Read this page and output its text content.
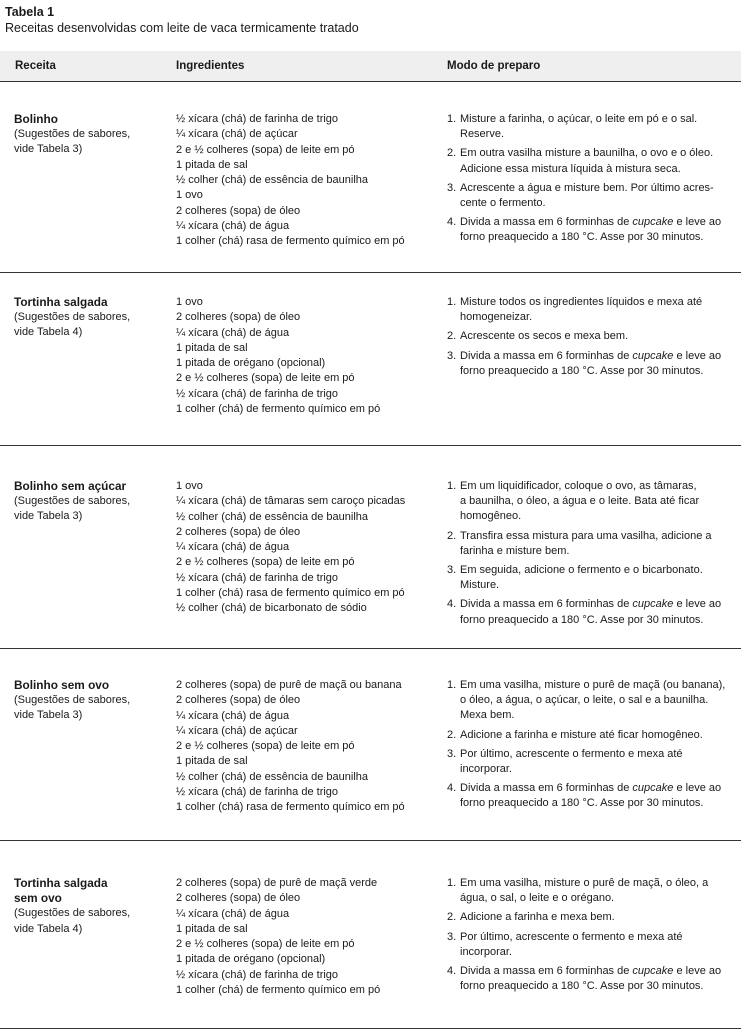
Tabela 1
Receitas desenvolvidas com leite de vaca termicamente tratado
Receita	Ingredientes	Modo de preparo
Bolinho
(Sugestões de sabores,
vide Tabela 3)
½ xícara (chá) de farinha de trigo
¼ xícara (chá) de açúcar
2 e ½ colheres (sopa) de leite em pó
1 pitada de sal
½ colher (chá) de essência de baunilha
1 ovo
2 colheres (sopa) de óleo
¼ xícara (chá) de água
1 colher (chá) rasa de fermento químico em pó
1. Misture a farinha, o açúcar, o leite em pó e o sal.
Reserve.
2. Em outra vasilha misture a baunilha, o ovo e o óleo.
Adicione essa mistura líquida à mistura seca.
3. Acrescente a água e misture bem. Por último acres-
cente o fermento.
4. Divida a massa em 6 forminhas de cupcake e leve ao
forno preaquecido a 180 °C. Asse por 30 minutos.
Tortinha salgada
(Sugestões de sabores,
vide Tabela 4)
1 ovo
2 colheres (sopa) de óleo
¼ xícara (chá) de água
1 pitada de sal
1 pitada de orégano (opcional)
2 e ½ colheres (sopa) de leite em pó
½ xícara (chá) de farinha de trigo
1 colher (chá) de fermento químico em pó
1. Misture todos os ingredientes líquidos e mexa até
homogeneizar.
2. Acrescente os secos e mexa bem.
3. Divida a massa em 6 forminhas de cupcake e leve ao
forno preaquecido a 180 °C. Asse por 30 minutos.
Bolinho sem açúcar
(Sugestões de sabores,
vide Tabela 3)
1 ovo
¼ xícara (chá) de tâmaras sem caroço picadas
½ colher (chá) de essência de baunilha
2 colheres (sopa) de óleo
¼ xícara (chá) de água
2 e ½ colheres (sopa) de leite em pó
½ xícara (chá) de farinha de trigo
1 colher (chá) rasa de fermento químico em pó
½ colher (chá) de bicarbonato de sódio
1. Em um liquidificador, coloque o ovo, as tâmaras,
a baunilha, o óleo, a água e o leite. Bata até ficar
homogêneo.
2. Transfira essa mistura para uma vasilha, adicione a
farinha e misture bem.
3. Em seguida, adicione o fermento e o bicarbonato.
Misture.
4. Divida a massa em 6 forminhas de cupcake e leve ao
forno preaquecido a 180 °C. Asse por 30 minutos.
Bolinho sem ovo
(Sugestões de sabores,
vide Tabela 3)
2 colheres (sopa) de purê de maçã ou banana
2 colheres (sopa) de óleo
¼ xícara (chá) de água
¼ xícara (chá) de açúcar
2 e ½ colheres (sopa) de leite em pó
1 pitada de sal
½ colher (chá) de essência de baunilha
½ xícara (chá) de farinha de trigo
1 colher (chá) rasa de fermento químico em pó
1. Em uma vasilha, misture o purê de maçã (ou banana),
o óleo, a água, o açúcar, o leite, o sal e a baunilha.
Mexa bem.
2. Adicione a farinha e misture até ficar homogêneo.
3. Por último, acrescente o fermento e mexa até
incorporar.
4. Divida a massa em 6 forminhas de cupcake e leve ao
forno preaquecido a 180 °C. Asse por 30 minutos.
Tortinha salgada
sem ovo
(Sugestões de sabores,
vide Tabela 4)
2 colheres (sopa) de purê de maçã verde
2 colheres (sopa) de óleo
¼ xícara (chá) de água
1 pitada de sal
2 e ½ colheres (sopa) de leite em pó
1 pitada de orégano (opcional)
½ xícara (chá) de farinha de trigo
1 colher (chá) de fermento químico em pó
1. Em uma vasilha, misture o purê de maçã, o óleo, a
água, o sal, o leite e o orégano.
2. Adicione a farinha e mexa bem.
3. Por último, acrescente o fermento e mexa até
incorporar.
4. Divida a massa em 6 forminhas de cupcake e leve ao
forno preaquecido a 180 °C. Asse por 30 minutos.
